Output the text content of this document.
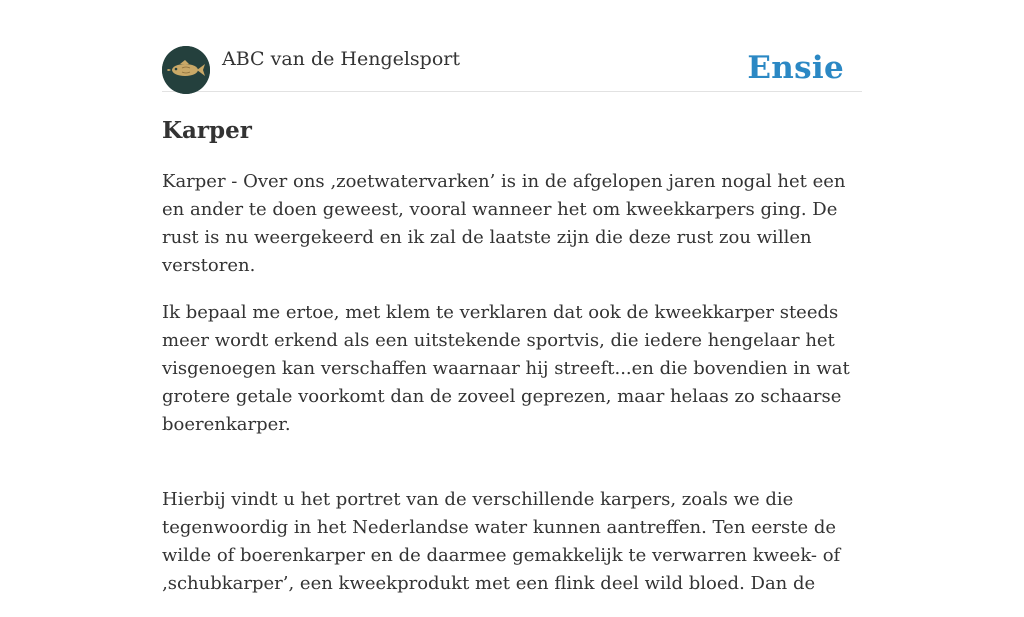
ABC van de Hengelsport	Ensie
Karper

Karper - Over ons ‚zoetwatervarken’ is in de afgelopen jaren nogal het een en ander te doen geweest, vooral wanneer het om kweekkarpers ging. De rust is nu weergekeerd en ik zal de laatste zijn die deze rust zou willen verstoren.

Ik bepaal me ertoe, met klem te verklaren dat ook de kweekkarper steeds meer wordt erkend als een uitstekende sportvis, die iedere hengelaar het visgenoegen kan verschaffen waarnaar hij streeft...en die bovendien in wat grotere getale voorkomt dan de zoveel geprezen, maar helaas zo schaarse boerenkarper.

Hierbij vindt u het portret van de verschillende karpers, zoals we die tegenwoordig in het Nederlandse water kunnen aantreffen. Ten eerste de wilde of boerenkarper en de daarmee gemakkelijk te verwarren kweek- of ‚schubkarper’, een kweekprodukt met een flink deel wild bloed. Dan de
